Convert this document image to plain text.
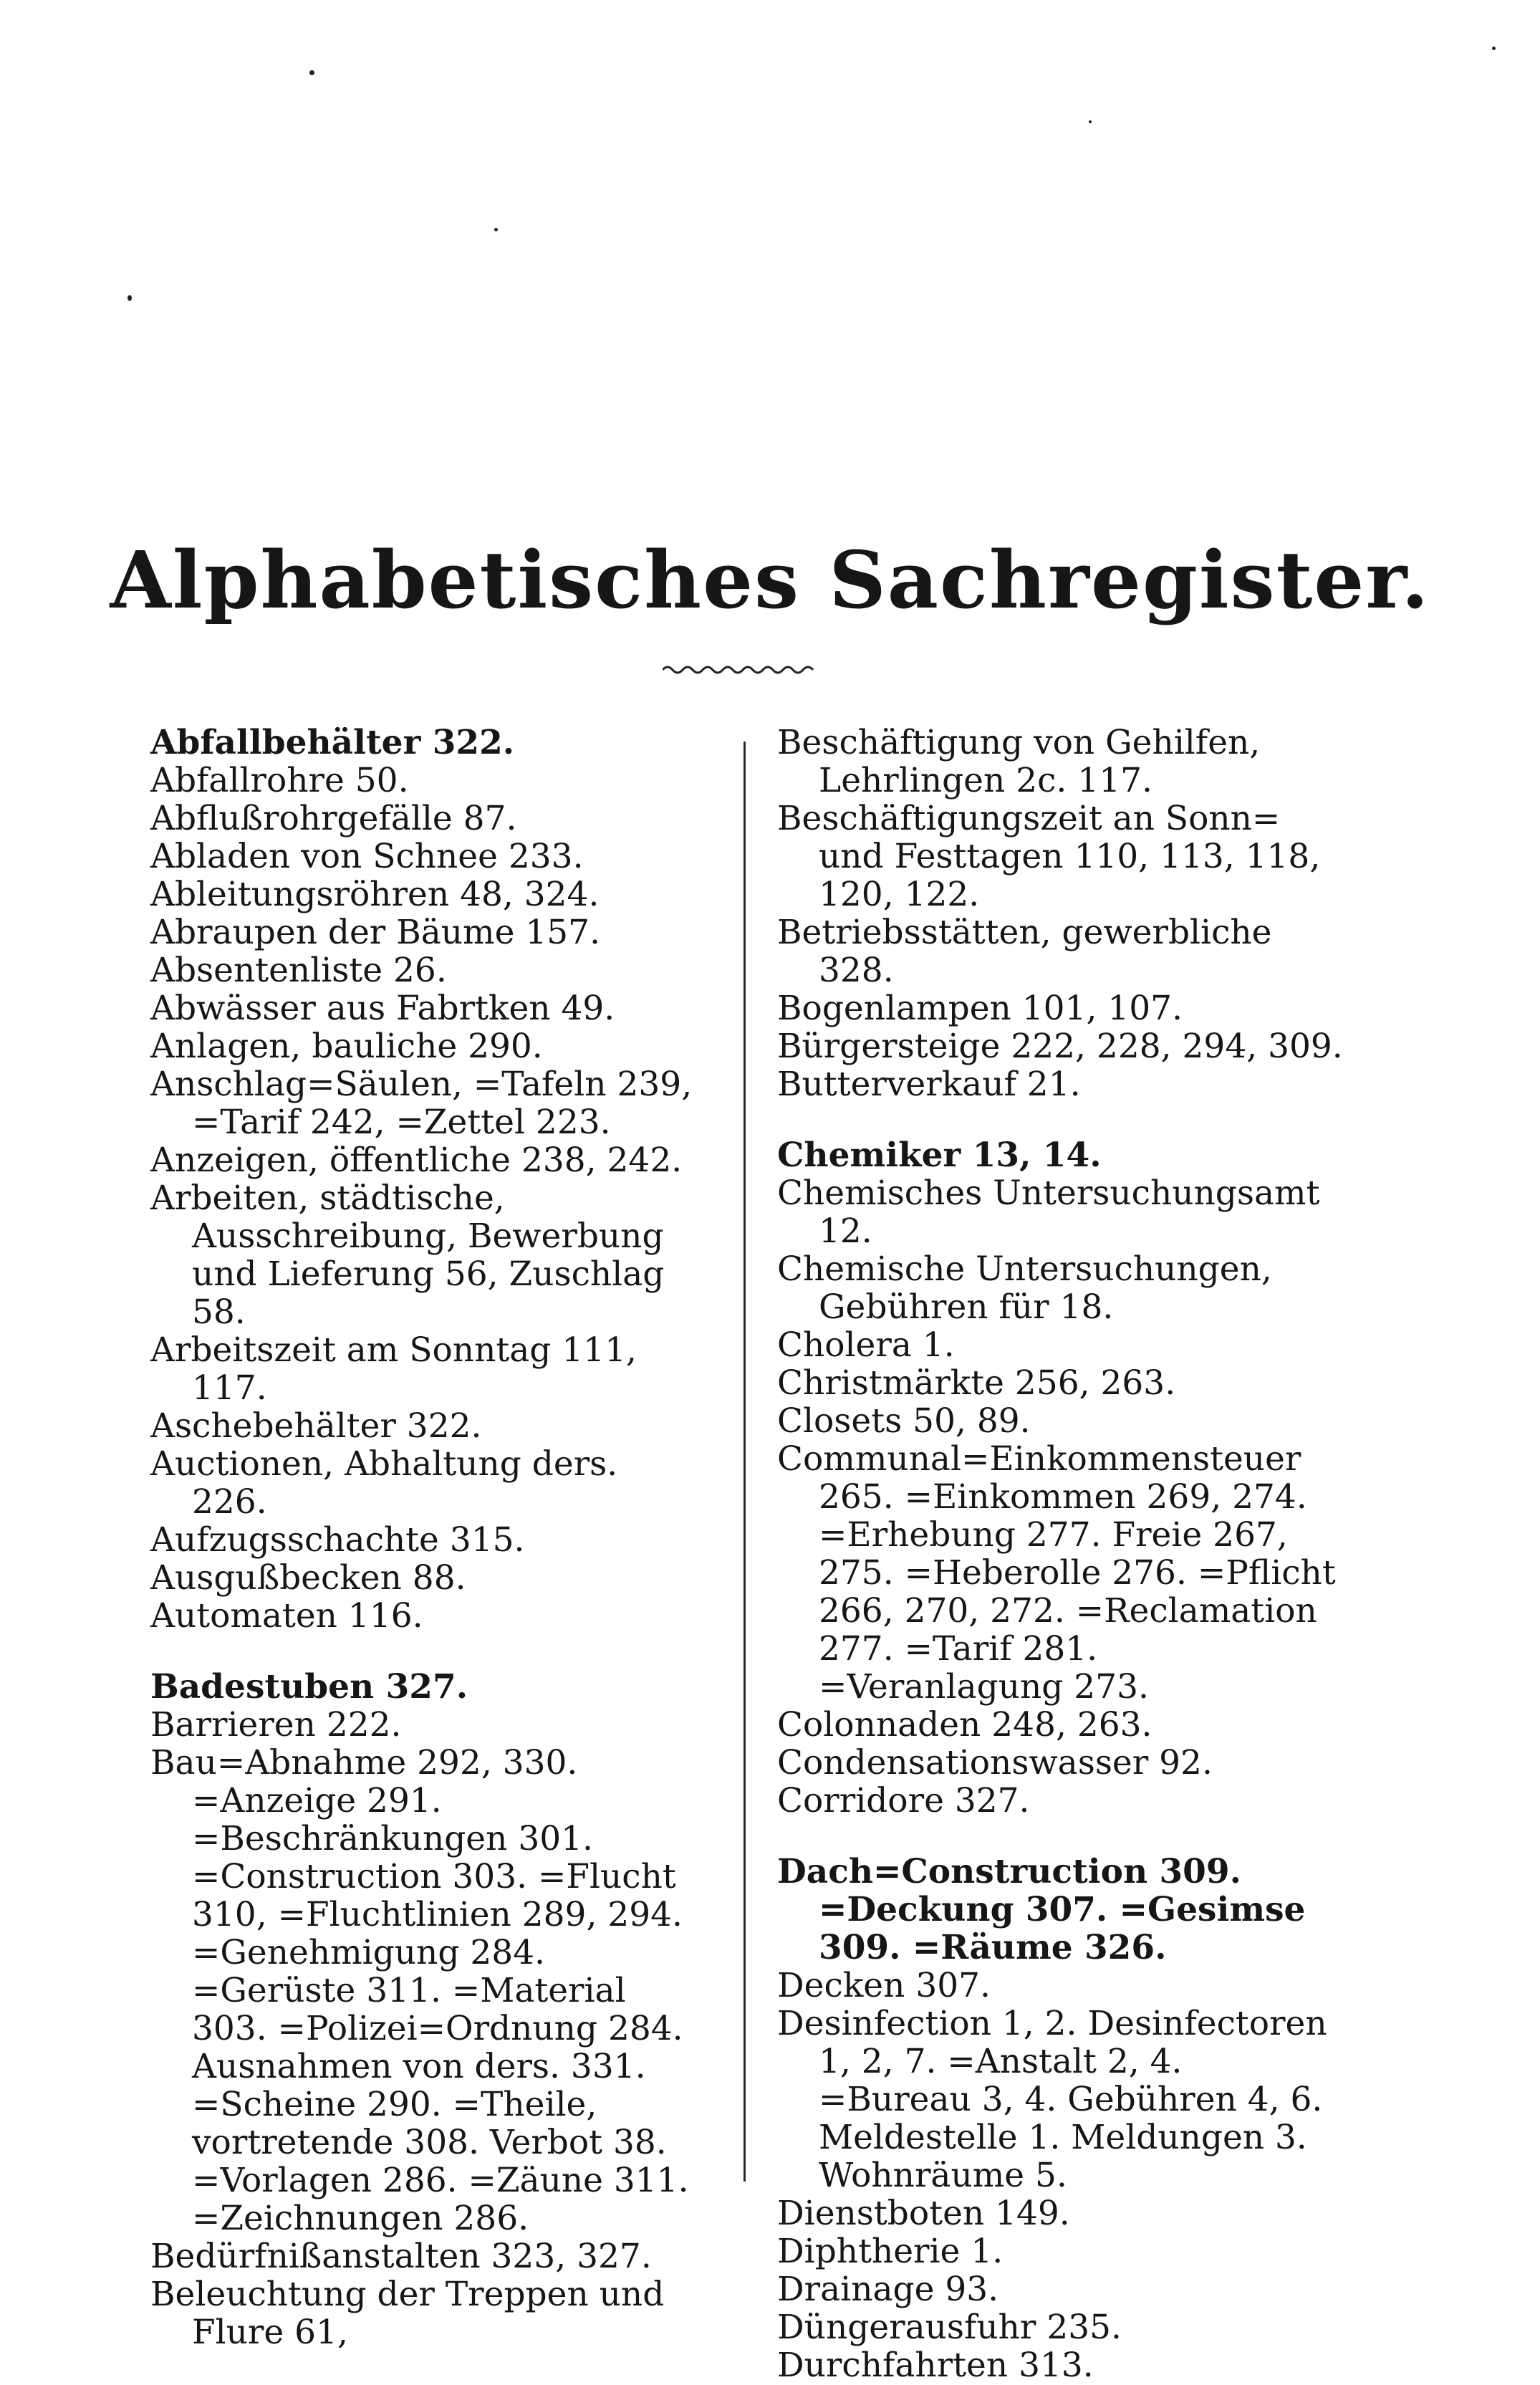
Alphabetisches Sachregister.

Abfallbehälter 322.

Abfallrohre 50.

Abflußrohrgefälle 87.

Abladen von Schnee 233.

Ableitungsröhren 48, 324.

Abraupen der Bäume 157.

Absentenliste 26.

Abwässer aus Fabrtken 49.

Anlagen, bauliche 290.

Anschlag=Säulen, =Tafeln 239, =Tarif 242, =Zettel 223.

Anzeigen, öffentliche 238, 242.

Arbeiten, städtische, Ausschreibung, Bewerbung und Lieferung 56, Zuschlag 58.

Arbeitszeit am Sonntag 111, 117.

Aschebehälter 322.

Auctionen, Abhaltung ders. 226.

Aufzugsschachte 315.

Ausgußbecken 88.

Automaten 116.

Badestuben 327.

Barrieren 222.

Bau=Abnahme 292, 330. =Anzeige 291. =Beschränkungen 301. =Construction 303. =Flucht 310, =Fluchtlinien 289, 294. =Genehmigung 284. =Gerüste 311. =Material 303. =Polizei=Ordnung 284. Ausnahmen von ders. 331. =Scheine 290. =Theile, vortretende 308. Verbot 38. =Vorlagen 286. =Zäune 311. =Zeichnungen 286.

Bedürfnißanstalten 323, 327.

Beleuchtung der Treppen und Flure 61,

Beschäftigung von Gehilfen, Lehrlingen 2c. 117.

Beschäftigungszeit an Sonn= und Festtagen 110, 113, 118, 120, 122.

Betriebsstätten, gewerbliche 328.

Bogenlampen 101, 107.

Bürgersteige 222, 228, 294, 309.

Butterverkauf 21.

Chemiker 13, 14.

Chemisches Untersuchungsamt 12.

Chemische Untersuchungen, Gebühren für 18.

Cholera 1.

Christmärkte 256, 263.

Closets 50, 89.

Communal=Einkommensteuer 265. =Einkommen 269, 274. =Erhebung 277. Freie 267, 275. =Heberolle 276. =Pflicht 266, 270, 272. =Reclamation 277. =Tarif 281. =Veranlagung 273.

Colonnaden 248, 263.

Condensationswasser 92.

Corridore 327.

Dach=Construction 309. =Deckung 307. =Gesimse 309. =Räume 326.

Decken 307.

Desinfection 1, 2. Desinfectoren 1, 2, 7. =Anstalt 2, 4. =Bureau 3, 4. Gebühren 4, 6. Meldestelle 1. Meldungen 3. Wohnräume 5.

Dienstboten 149.

Diphtherie 1.

Drainage 93.

Düngerausfuhr 235.

Durchfahrten 313.
